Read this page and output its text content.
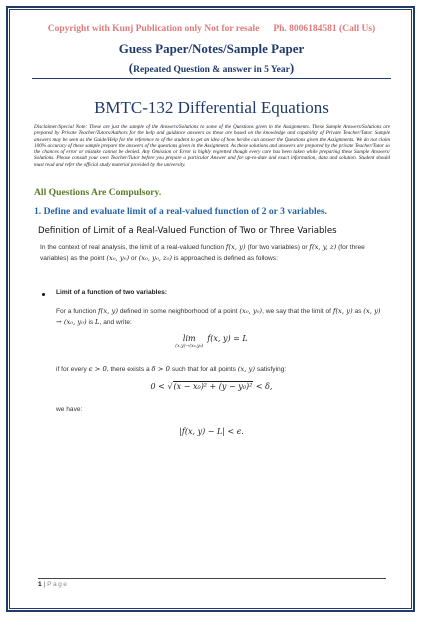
Copyright with Kunj Publication only Not for resale Ph. 8006184581 (Call Us)
Guess Paper/Notes/Sample Paper
(Repeated Question & answer in 5 Year)
BMTC-132 Differential Equations
Disclaimer/Special Note: These are just the sample of the Answers/Solutions to some of the Questions given in the Assignments. These Sample Answers/Solutions are prepared by Private Teacher/Tutors/Authors for the help and guidance answers as these are based on the knowledge and capability of Private Teacher/Tutor. Sample answers may be seen as the Guide/Help for the reference to of the student to get an idea of how he/she can answer the Questions given the Assignments. We do not claim 100% accuracy of these sample prepare the answers of the questions given in the Assignment. As these solutions and answers are prepared by the private Teacher/Tutor so the chances of error or mistake cannot be denied. Any Omission or Error is highly regretted though every care has been taken while preparing these Sample Answers/ Solutions. Please consult your own Teacher/Tutor before you prepare a particular Answer and for up-to-date and exact information, data and solution. Student should must read and refer the official study material provided by the university.
All Questions Are Compulsory.
1. Define and evaluate limit of a real-valued function of 2 or 3 variables.
Definition of Limit of a Real-Valued Function of Two or Three Variables
In the context of real analysis, the limit of a real-valued function f(x, y) (for two variables) or f(x, y, z) (for three variables) as the point (x₀, y₀) or (x₀, y₀, z₀) is approached is defined as follows:
Limit of a function of two variables:
For a function f(x, y) defined in some neighborhood of a point (x₀, y₀), we say that the limit of f(x, y) as (x, y) → (x₀, y₀) is L, and write:
lim
(x,y)→(x₀,y₀)
f(x, y) = L
if for every ϵ > 0, there exists a δ > 0 such that for all points (x, y) satisfying:
0 < √(x − x₀)² + (y − y₀)² < δ,
we have:
|f(x, y) − L| < ϵ.
1 | Page
